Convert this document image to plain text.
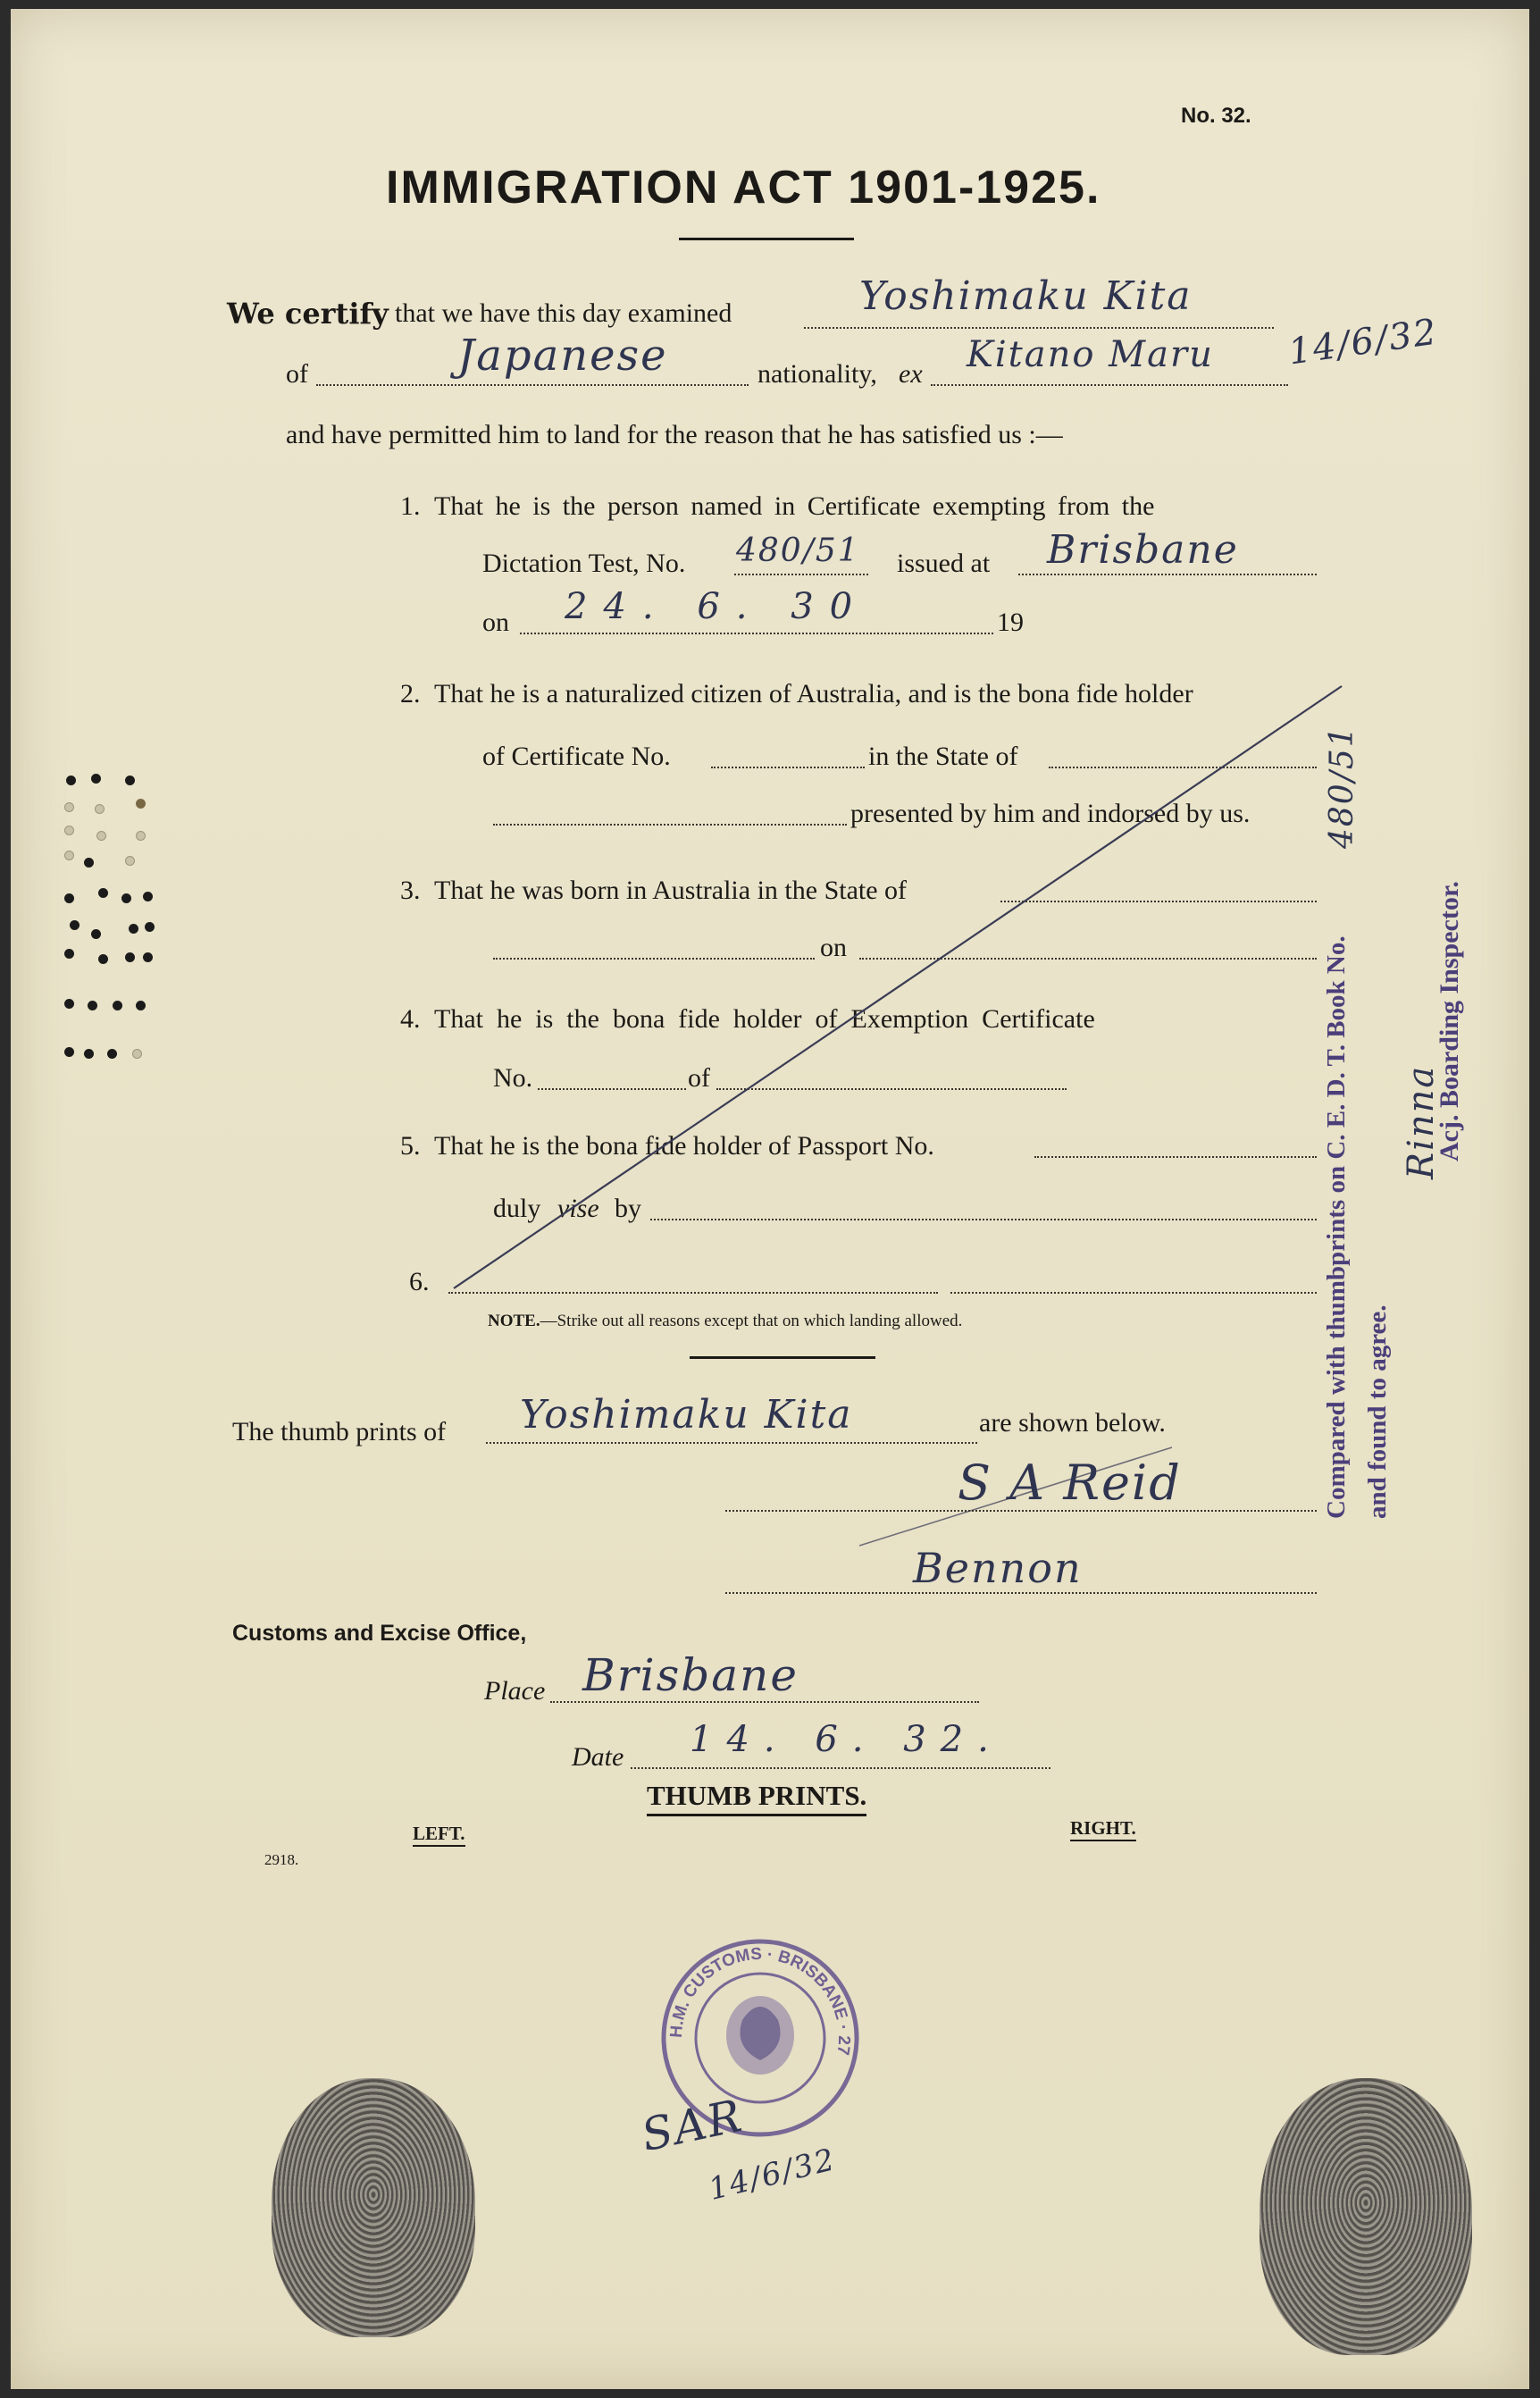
No. 32.
IMMIGRATION ACT 1901-1925.
We certify that we have this day examined	Yoshimaku Kita
of	Japanese	nationality, ex Kitano Maru 14/6/32
and have permitted him to land for the reason that he has satisfied us :—
1. That he is the person named in Certificate exempting from the
Dictation Test, No. 480/51 issued at Brisbane
on 24. 6. 30	19
2. That he is a naturalized citizen of Australia, and is the bona fide holder
of Certificate No.	in the State of
presented by him and indorsed by us.
3. That he was born in Australia in the State of
on
4. That  he  is  the  bona  fide  holder  of  Exemption  Certificate
No.	of
5. That he is the bona fide holder of Passport No.
duly vise by
6.
NOTE.—Strike out all reasons except that on which landing allowed.
The thumb prints of Yoshimaku Kita	are shown below.
S A Reid
Bennon
Customs and Excise Office,
Place Brisbane
Date 14. 6. 32.
THUMB PRINTS.
LEFT.	RIGHT.
2918.
H.M. CUSTOMS · BRISBANE · 27
SAR
14/6/32
Compared with thumbprints on C. E. D. T. Book No. and found to agree.
Acj. Boarding Inspector.
480/51
Rinna
